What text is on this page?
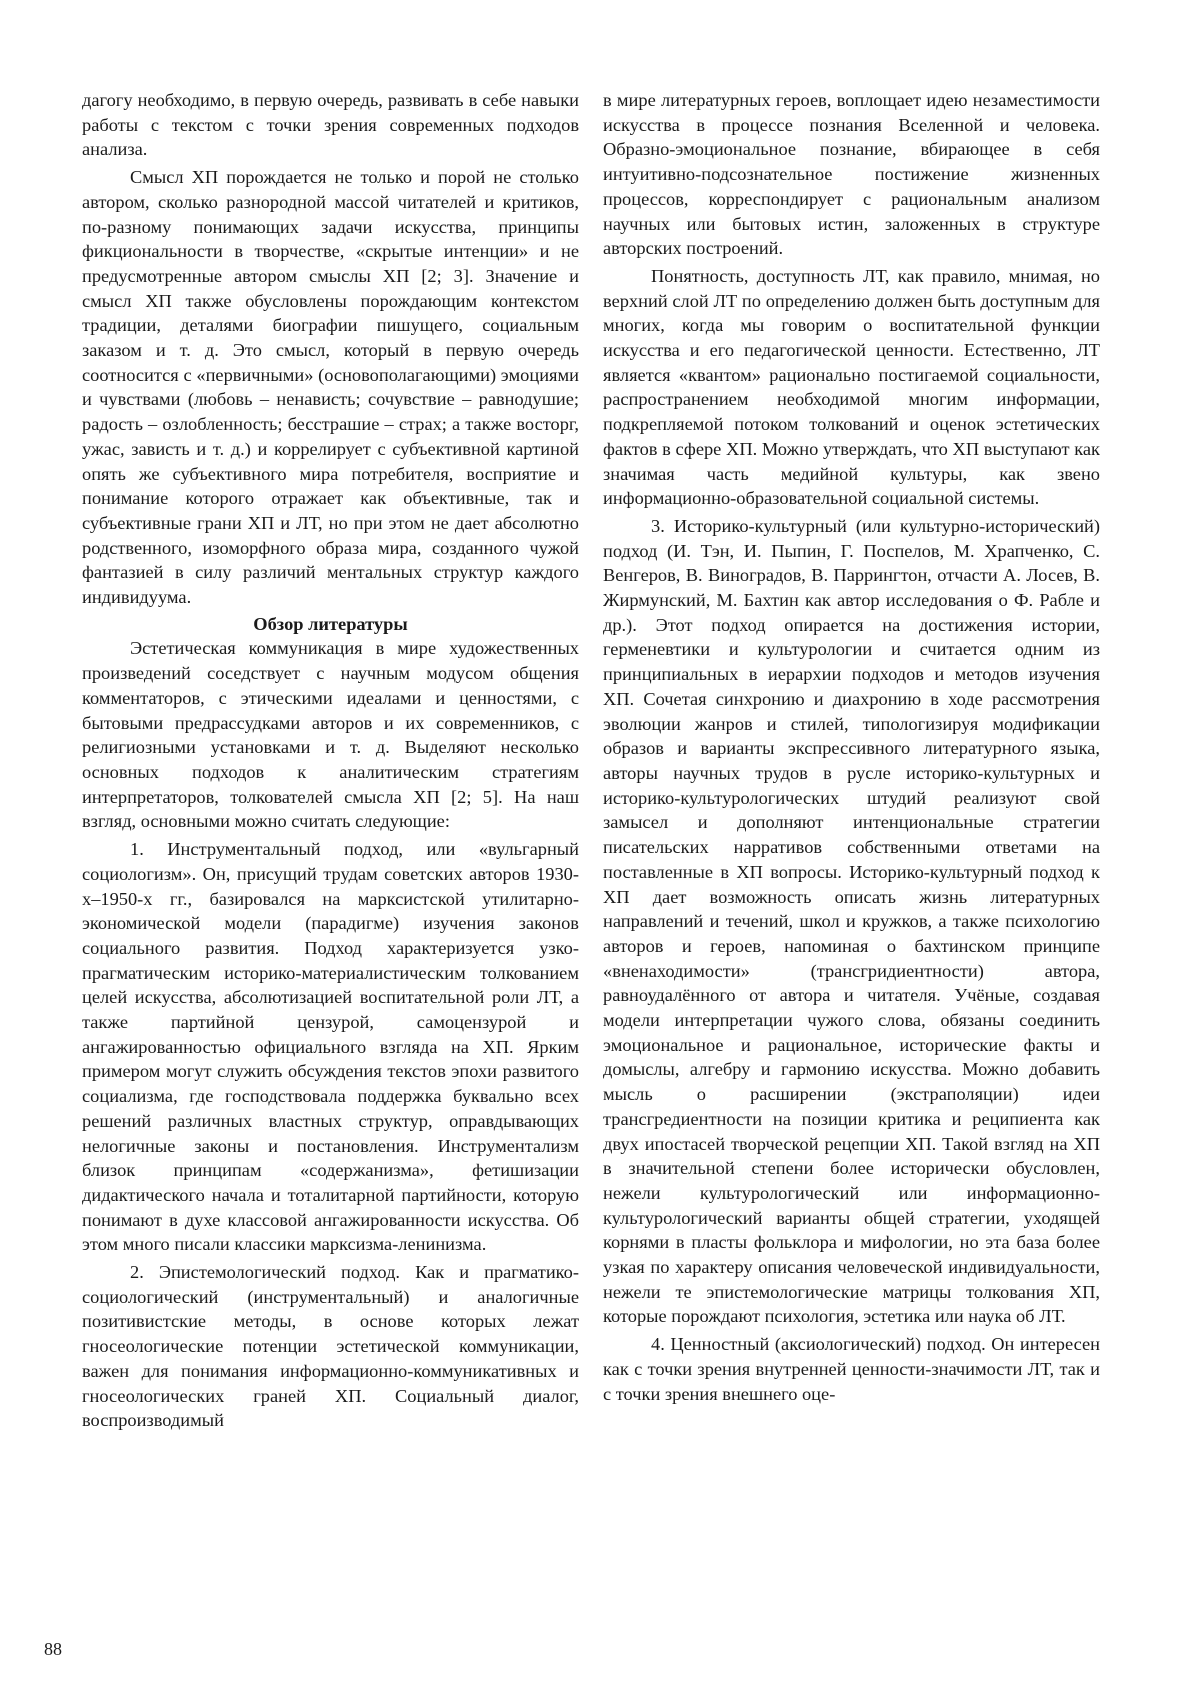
дагогу необходимо, в первую очередь, развивать в себе навыки работы с текстом с точки зрения современных подходов анализа.

Смысл ХП порождается не только и порой не столько автором, сколько разнородной массой читателей и критиков, по-разному понимающих задачи искусства, принципы фикциональности в творчестве, «скрытые интенции» и не предусмотренные автором смыслы ХП [2; 3]. Значение и смысл ХП также обусловлены порождающим контекстом традиции, деталями биографии пишущего, социальным заказом и т. д. Это смысл, который в первую очередь соотносится с «первичными» (основополагающими) эмоциями и чувствами (любовь – ненависть; сочувствие – равнодушие; радость – озлобленность; бесстрашие – страх; а также восторг, ужас, зависть и т. д.) и коррелирует с субъективной картиной опять же субъективного мира потребителя, восприятие и понимание которого отражает как объективные, так и субъективные грани ХП и ЛТ, но при этом не дает абсолютно родственного, изоморфного образа мира, созданного чужой фантазией в силу различий ментальных структур каждого индивидуума.

Обзор литературы

Эстетическая коммуникация в мире художественных произведений соседствует с научным модусом общения комментаторов, с этическими идеалами и ценностями, с бытовыми предрассудками авторов и их современников, с религиозными установками и т. д. Выделяют несколько основных подходов к аналитическим стратегиям интерпретаторов, толкователей смысла ХП [2; 5]. На наш взгляд, основными можно считать следующие:

1. Инструментальный подход, или «вульгарный социологизм». Он, присущий трудам советских авторов 1930-х–1950-х гг., базировался на марксистской утилитарно-экономической модели (парадигме) изучения законов социального развития. Подход характеризуется узко-прагматическим историко-материалистическим толкованием целей искусства, абсолютизацией воспитательной роли ЛТ, а также партийной цензурой, самоцензурой и ангажированностью официального взгляда на ХП. Ярким примером могут служить обсуждения текстов эпохи развитого социализма, где господствовала поддержка буквально всех решений различных властных структур, оправдывающих нелогичные законы и постановления. Инструментализм близок принципам «содержанизма», фетишизации дидактического начала и тоталитарной партийности, которую понимают в духе классовой ангажированности искусства. Об этом много писали классики марксизма-ленинизма.

2. Эпистемологический подход. Как и прагматико-социологический (инструментальный) и аналогичные позитивистские методы, в основе которых лежат гносеологические потенции эстетической коммуникации, важен для понимания информационно-коммуникативных и гносеологических граней ХП. Социальный диалог, воспроизводимый

в мире литературных героев, воплощает идею незаместимости искусства в процессе познания Вселенной и человека. Образно-эмоциональное познание, вбирающее в себя интуитивно-подсознательное постижение жизненных процессов, корреспондирует с рациональным анализом научных или бытовых истин, заложенных в структуре авторских построений.

Понятность, доступность ЛТ, как правило, мнимая, но верхний слой ЛТ по определению должен быть доступным для многих, когда мы говорим о воспитательной функции искусства и его педагогической ценности. Естественно, ЛТ является «квантом» рационально постигаемой социальности, распространением необходимой многим информации, подкрепляемой потоком толкований и оценок эстетических фактов в сфере ХП. Можно утверждать, что ХП выступают как значимая часть медийной культуры, как звено информационно-образовательной социальной системы.

3. Историко-культурный (или культурно-исторический) подход (И. Тэн, И. Пыпин, Г. Поспелов, М. Храпченко, С. Венгеров, В. Виноградов, В. Паррингтон, отчасти А. Лосев, В. Жирмунский, М. Бахтин как автор исследования о Ф. Рабле и др.). Этот подход опирается на достижения истории, герменевтики и культурологии и считается одним из принципиальных в иерархии подходов и методов изучения ХП. Сочетая синхронию и диахронию в ходе рассмотрения эволюции жанров и стилей, типологизируя модификации образов и варианты экспрессивного литературного языка, авторы научных трудов в русле историко-культурных и историко-культурологических штудий реализуют свой замысел и дополняют интенциональные стратегии писательских нарративов собственными ответами на поставленные в ХП вопросы. Историко-культурный подход к ХП дает возможность описать жизнь литературных направлений и течений, школ и кружков, а также психологию авторов и героев, напоминая о бахтинском принципе «вненаходимости» (трансгридиентности) автора, равноудалённого от автора и читателя. Учёные, создавая модели интерпретации чужого слова, обязаны соединить эмоциональное и рациональное, исторические факты и домыслы, алгебру и гармонию искусства. Можно добавить мысль о расширении (экстраполяции) идеи трансгредиентности на позиции критика и реципиента как двух ипостасей творческой рецепции ХП. Такой взгляд на ХП в значительной степени более исторически обусловлен, нежели культурологический или информационно-культурологический варианты общей стратегии, уходящей корнями в пласты фольклора и мифологии, но эта база более узкая по характеру описания человеческой индивидуальности, нежели те эпистемологические матрицы толкования ХП, которые порождают психология, эстетика или наука об ЛТ.

4. Ценностный (аксиологический) подход. Он интересен как с точки зрения внутренней ценности-значимости ЛТ, так и с точки зрения внешнего оце-

88
